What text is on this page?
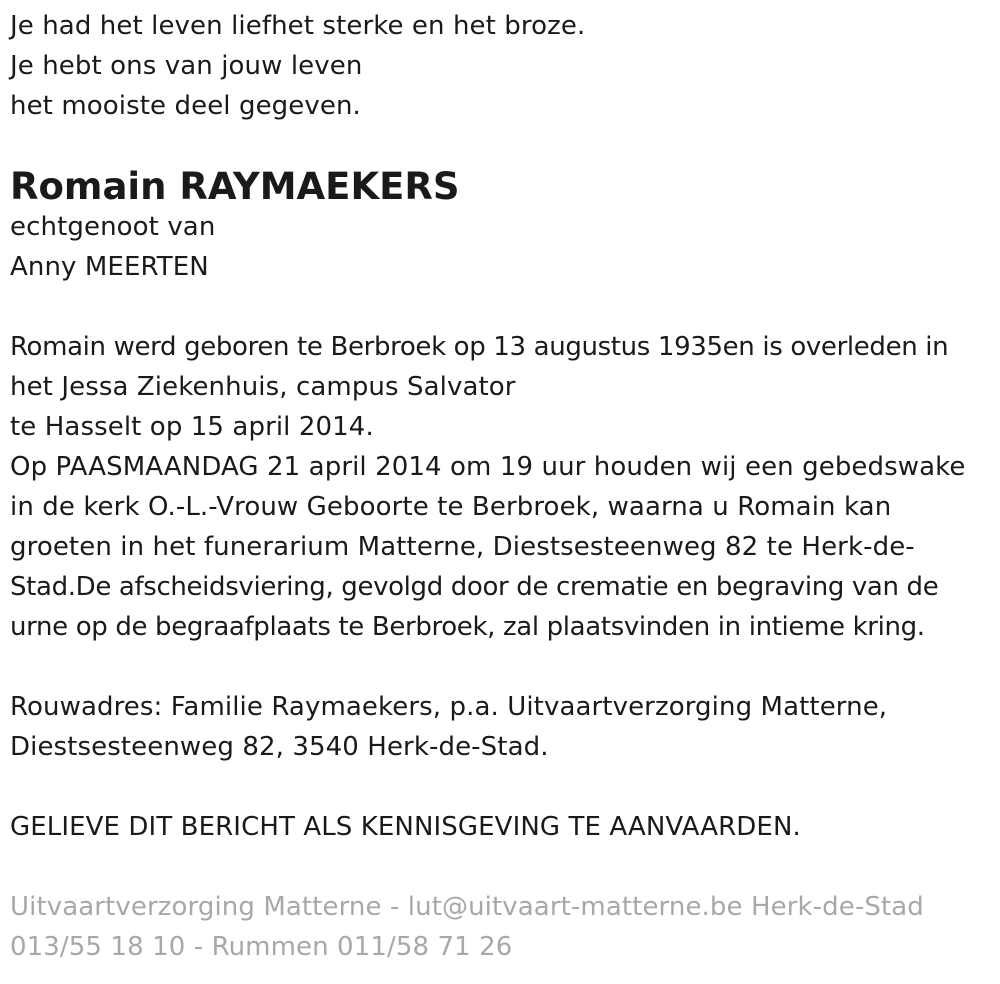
Je had het leven liefhet sterke en het broze.
Je hebt ons van jouw leven
het mooiste deel gegeven.
Romain RAYMAEKERS
echtgenoot van
Anny MEERTEN
Romain werd geboren te Berbroek op 13 augustus 1935en is overleden in
het Jessa Ziekenhuis, campus Salvator
te Hasselt op 15 april 2014.
Op PAASMAANDAG 21 april 2014 om 19 uur houden wij een gebedswake
in de kerk O.-L.-Vrouw Geboorte te Berbroek, waarna u Romain kan
groeten in het funerarium Matterne, Diestsesteenweg 82 te Herk-de-
Stad.De afscheidsviering, gevolgd door de crematie en begraving van de
urne op de begraafplaats te Berbroek, zal plaatsvinden in intieme kring.
Rouwadres: Familie Raymaekers, p.a. Uitvaartverzorging Matterne,
Diestsesteenweg 82, 3540 Herk-de-Stad.
GELIEVE DIT BERICHT ALS KENNISGEVING TE AANVAARDEN.
Uitvaartverzorging Matterne - lut@uitvaart-matterne.be Herk-de-Stad
013/55 18 10 - Rummen 011/58 71 26
